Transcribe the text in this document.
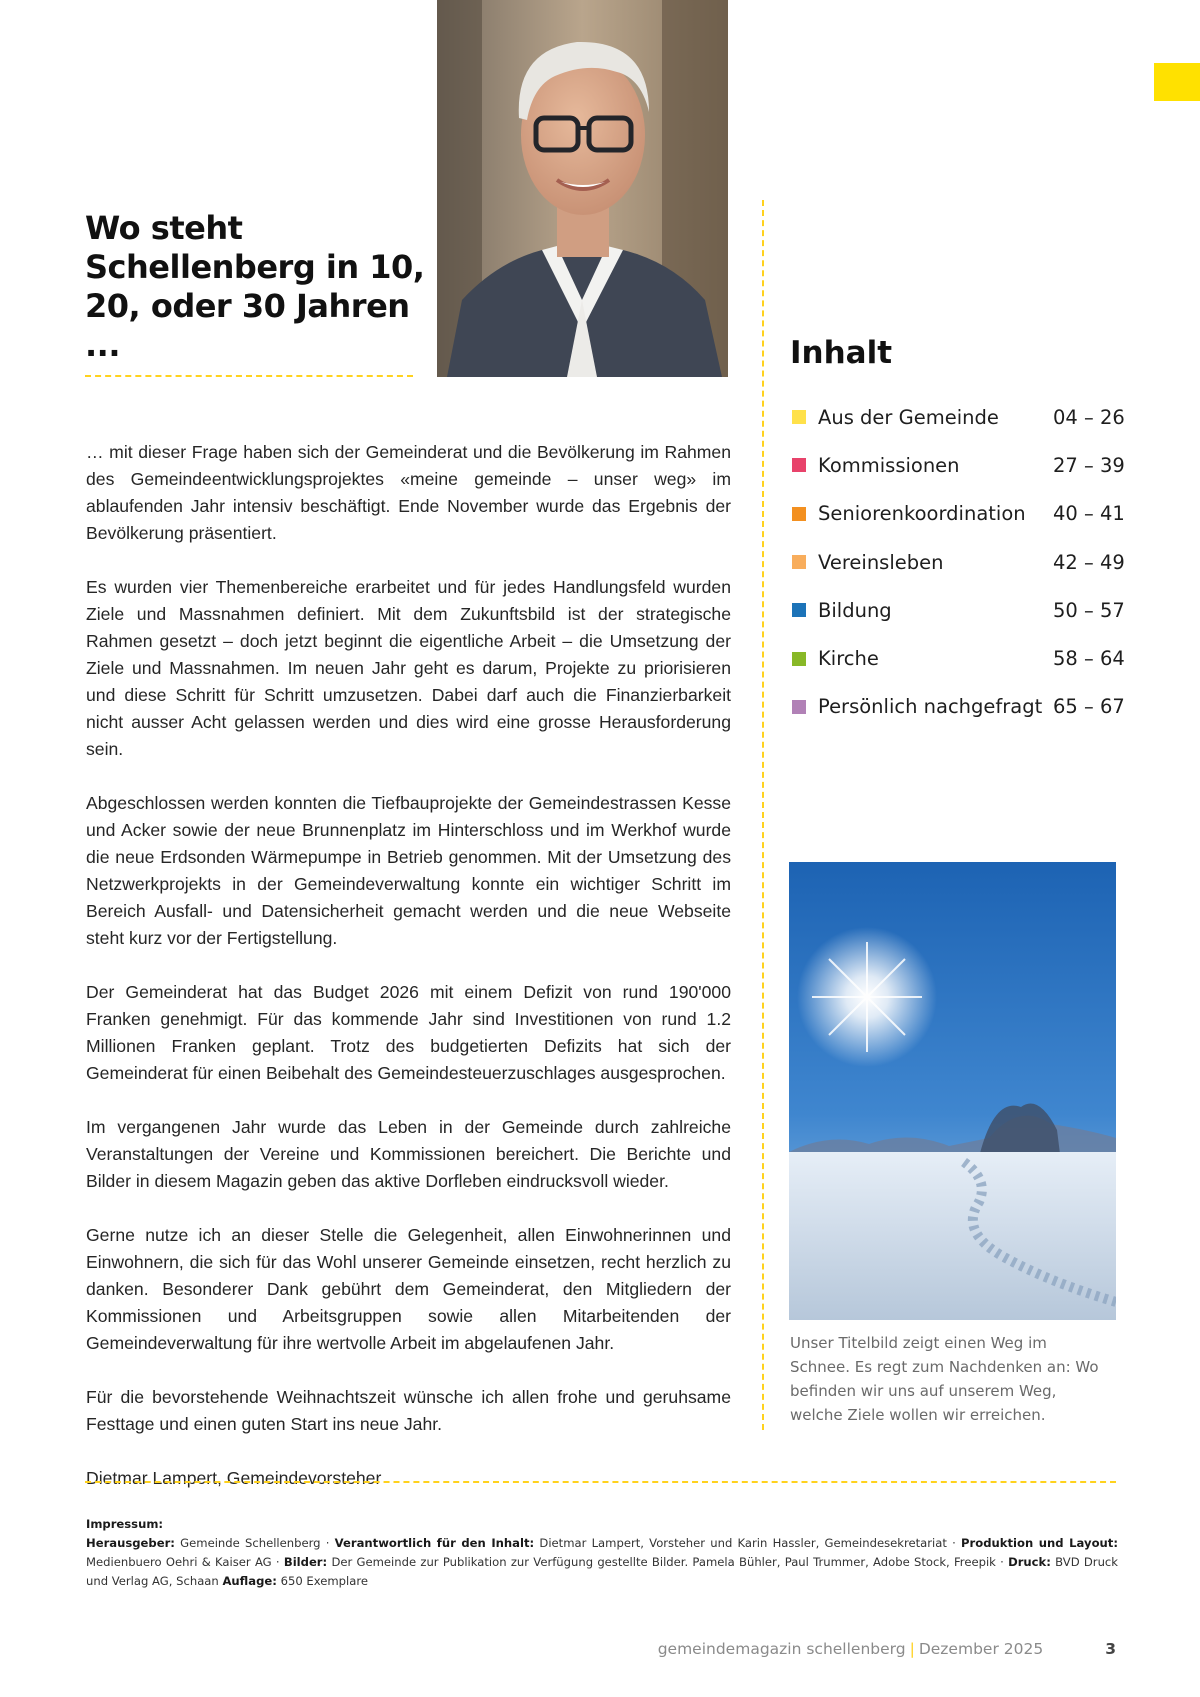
Wo steht
Schellenberg in 10,
20, oder 30 Jahren ...

… mit dieser Frage haben sich der Gemeinderat und die Bevölkerung im Rahmen des Gemeindeentwicklungsprojektes «meine gemeinde – unser weg» im ablaufenden Jahr intensiv beschäftigt. Ende November wurde das Ergebnis der Bevölkerung präsentiert.

Es wurden vier Themenbereiche erarbeitet und für jedes Handlungsfeld wurden Ziele und Massnahmen definiert. Mit dem Zukunftsbild ist der strategische Rahmen gesetzt – doch jetzt beginnt die eigentliche Arbeit – die Umsetzung der Ziele und Massnahmen. Im neuen Jahr geht es darum, Projekte zu priorisieren und diese Schritt für Schritt umzusetzen. Dabei darf auch die Finanzierbarkeit nicht ausser Acht gelassen werden und dies wird eine grosse Herausforderung sein.

Abgeschlossen werden konnten die Tiefbauprojekte der Gemeindestrassen Kesse und Acker sowie der neue Brunnenplatz im Hinterschloss und im Werkhof wurde die neue Erdsonden Wärmepumpe in Betrieb genommen. Mit der Umsetzung des Netzwerkprojekts in der Gemeindeverwaltung konnte ein wichtiger Schritt im Bereich Ausfall- und Datensicherheit gemacht werden und die neue Webseite steht kurz vor der Fertigstellung.

Der Gemeinderat hat das Budget 2026 mit einem Defizit von rund 190'000 Franken genehmigt. Für das kommende Jahr sind Investitionen von rund 1.2 Millionen Franken geplant. Trotz des budgetierten Defizits hat sich der Gemeinderat für einen Beibehalt des Gemeindesteuerzuschlages ausgesprochen.

Im vergangenen Jahr wurde das Leben in der Gemeinde durch zahlreiche Veranstaltungen der Vereine und Kommissionen bereichert. Die Berichte und Bilder in diesem Magazin geben das aktive Dorfleben eindrucksvoll wieder.

Gerne nutze ich an dieser Stelle die Gelegenheit, allen Einwohnerinnen und Einwohnern, die sich für das Wohl unserer Gemeinde einsetzen, recht herzlich zu danken. Besonderer Dank gebührt dem Gemeinderat, den Mitgliedern der Kommissionen und Arbeitsgruppen sowie allen Mitarbeitenden der Gemeindeverwaltung für ihre wertvolle Arbeit im abgelaufenen Jahr.

Für die bevorstehende Weihnachtszeit wünsche ich allen frohe und geruhsame Festtage und einen guten Start ins neue Jahr.

Dietmar Lampert, Gemeindevorsteher

Inhalt
Aus der Gemeinde	04 – 26
Kommissionen	27 – 39
Seniorenkoordination	40 – 41
Vereinsleben	42 – 49
Bildung	50 – 57
Kirche	58 – 64
Persönlich nachgefragt 65 – 67

Unser Titelbild zeigt einen Weg im Schnee. Es regt zum Nachdenken an: Wo befinden wir uns auf unserem Weg, welche Ziele wollen wir erreichen.

Impressum:
Herausgeber: Gemeinde Schellenberg · Verantwortlich für den Inhalt: Dietmar Lampert, Vorsteher und Karin Hassler, Gemeindesekretariat · Produktion und Layout: Medienbuero Oehri & Kaiser AG · Bilder: Der Gemeinde zur Publikation zur Verfügung gestellte Bilder. Pamela Bühler, Paul Trummer, Adobe Stock, Freepik · Druck: BVD Druck und Verlag AG, Schaan Auflage: 650 Exemplare
gemeindemagazin schellenberg | Dezember 2025	3
